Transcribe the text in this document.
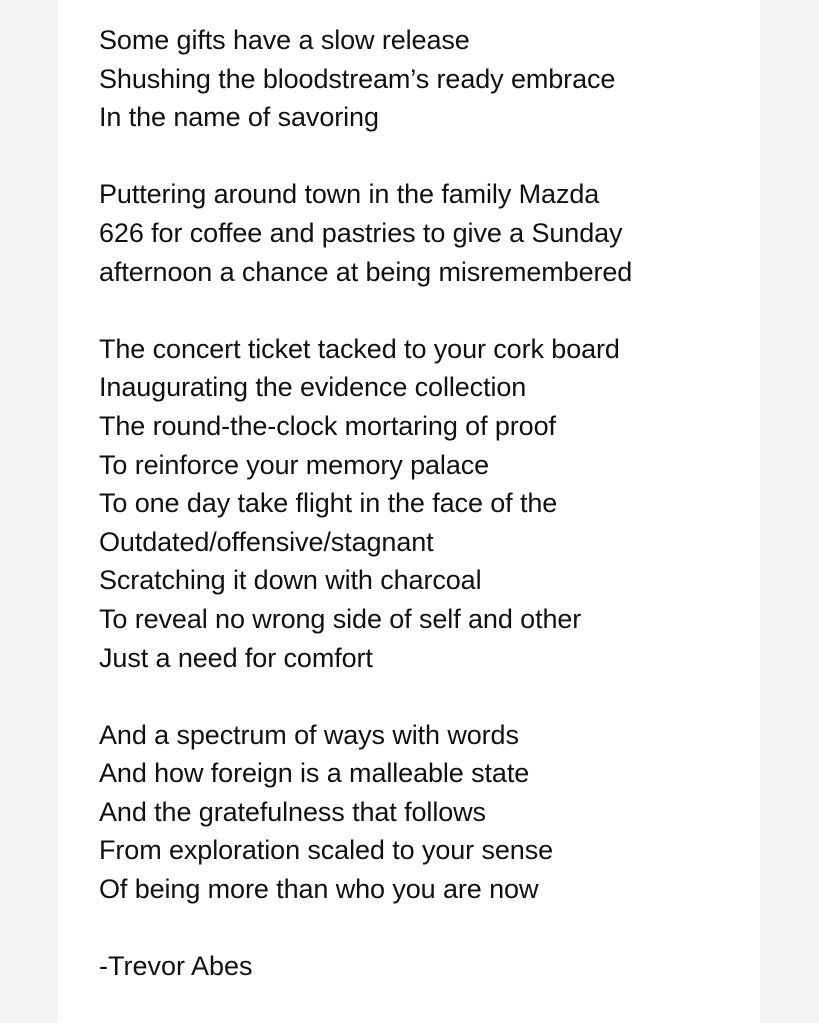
Some gifts have a slow release
Shushing the bloodstream’s ready embrace
In the name of savoring
Puttering around town in the family Mazda
626 for coffee and pastries to give a Sunday
afternoon a chance at being misremembered
The concert ticket tacked to your cork board
Inaugurating the evidence collection
The round-the-clock mortaring of proof
To reinforce your memory palace
To one day take flight in the face of the
Outdated/offensive/stagnant
Scratching it down with charcoal
To reveal no wrong side of self and other
Just a need for comfort
And a spectrum of ways with words
And how foreign is a malleable state
And the gratefulness that follows
From exploration scaled to your sense
Of being more than who you are now
-Trevor Abes
